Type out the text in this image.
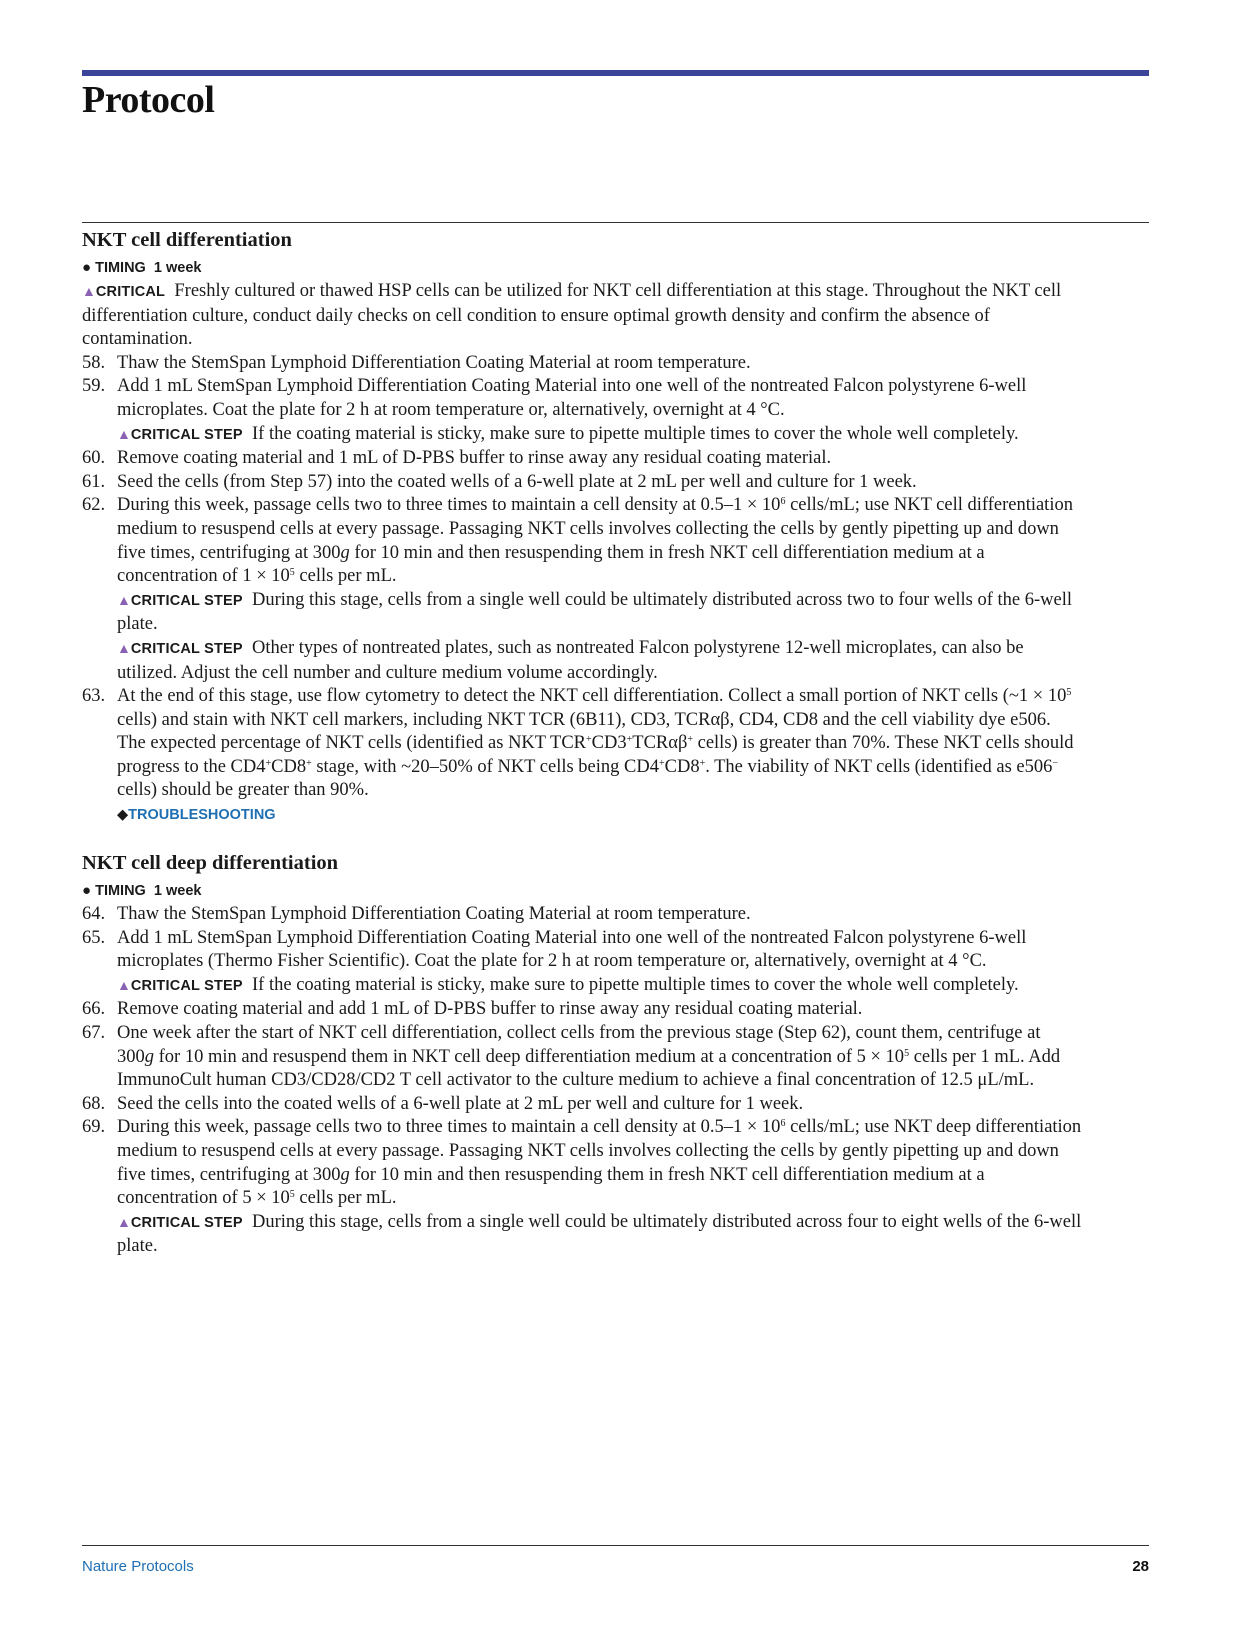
Protocol
NKT cell differentiation
● TIMING 1 week

▲CRITICAL Freshly cultured or thawed HSP cells can be utilized for NKT cell differentiation at this stage. Throughout the NKT cell differentiation culture, conduct daily checks on cell condition to ensure optimal growth density and confirm the absence of contamination.

58. Thaw the StemSpan Lymphoid Differentiation Coating Material at room temperature.
59. Add 1 mL StemSpan Lymphoid Differentiation Coating Material into one well of the nontreated Falcon polystyrene 6-well microplates. Coat the plate for 2 h at room temperature or, alternatively, overnight at 4 °C.

▲CRITICAL STEP If the coating material is sticky, make sure to pipette multiple times to cover the whole well completely.

60. Remove coating material and 1 mL of D-PBS buffer to rinse away any residual coating material.
61. Seed the cells (from Step 57) into the coated wells of a 6-well plate at 2 mL per well and culture for 1 week.
62. During this week, passage cells two to three times to maintain a cell density at $0.5-1 \times 10^6$ cells/mL; use NKT cell differentiation medium to resuspend cells at every passage. Passaging NKT cells involves collecting the cells by gently pipetting up and down five times, centrifuging at 300g for 10 min and then resuspending them in fresh NKT cell differentiation medium at a concentration of $1 \times 10^5$ cells per mL.

▲CRITICAL STEP During this stage, cells from a single well could be ultimately distributed across two to four wells of the 6-well plate.

▲CRITICAL STEP Other types of nontreated plates, such as nontreated Falcon polystyrene 12-well microplates, can also be utilized. Adjust the cell number and culture medium volume accordingly.

63. At the end of this stage, use flow cytometry to detect the NKT cell differentiation. Collect a small portion of NKT cells (~1 × $10^5$ cells) and stain with NKT cell markers, including NKT TCR (6B11), CD3, TCRαβ, CD4, CD8 and the cell viability dye e506. The expected percentage of NKT cells (identified as NKT TCR+CD3+TCRαβ+ cells) is greater than 70%. These NKT cells should progress to the CD4+CD8+ stage, with ~20–50% of NKT cells being CD4+CD8+. The viability of NKT cells (identified as e506− cells) should be greater than 90%.
◆TROUBLESHOOTING
NKT cell deep differentiation
● TIMING 1 week
64. Thaw the StemSpan Lymphoid Differentiation Coating Material at room temperature.
65. Add 1 mL StemSpan Lymphoid Differentiation Coating Material into one well of the nontreated Falcon polystyrene 6-well microplates (Thermo Fisher Scientific). Coat the plate for 2 h at room temperature or, alternatively, overnight at 4 °C.

▲CRITICAL STEP If the coating material is sticky, make sure to pipette multiple times to cover the whole well completely.

66. Remove coating material and add 1 mL of D-PBS buffer to rinse away any residual coating material.
67. One week after the start of NKT cell differentiation, collect cells from the previous stage (Step 62), count them, centrifuge at 300g for 10 min and resuspend them in NKT cell deep differentiation medium at a concentration of $5 \times 10^5$ cells per 1 mL. Add ImmunoCult human CD3/CD28/CD2 T cell activator to the culture medium to achieve a final concentration of 12.5 μL/mL.
68. Seed the cells into the coated wells of a 6-well plate at 2 mL per well and culture for 1 week.
69. During this week, passage cells two to three times to maintain a cell density at $0.5-1 \times 10^6$ cells/mL; use NKT deep differentiation medium to resuspend cells at every passage. Passaging NKT cells involves collecting the cells by gently pipetting up and down five times, centrifuging at 300g for 10 min and then resuspending them in fresh NKT cell differentiation medium at a concentration of $5 \times 10^5$ cells per mL.

▲CRITICAL STEP During this stage, cells from a single well could be ultimately distributed across four to eight wells of the 6-well plate.

Nature Protocols	28
